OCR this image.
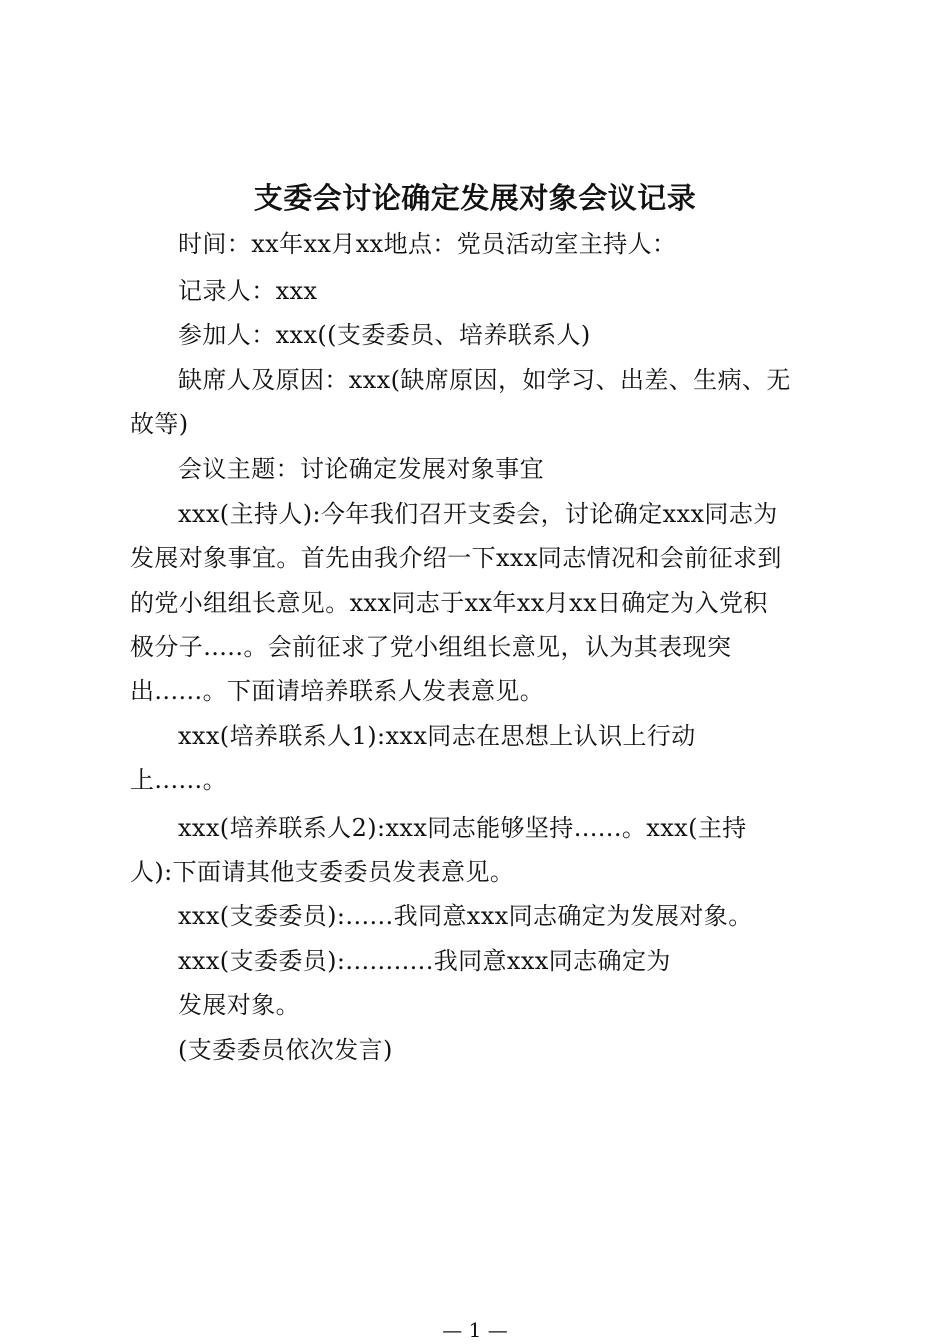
支委会讨论确定发展对象会议记录
时间：xx年xx月xx地点：党员活动室主持人：
记录人：xxx
参加人：xxx((支委委员、培养联系人)
缺席人及原因：xxx(缺席原因，如学习、出差、生病、无
故等)
会议主题：讨论确定发展对象事宜
xxx(主持人):今年我们召开支委会，讨论确定xxx同志为
发展对象事宜。首先由我介绍一下xxx同志情况和会前征求到
的党小组组长意见。xxx同志于xx年xx月xx日确定为入党积
极分子.....。会前征求了党小组组长意见，认为其表现突
出......。下面请培养联系人发表意见。
xxx(培养联系人1):xxx同志在思想上认识上行动
上......。
xxx(培养联系人2):xxx同志能够坚持......。xxx(主持
人):下面请其他支委委员发表意见。
xxx(支委委员):......我同意xxx同志确定为发展对象。
xxx(支委委员):...........我同意xxx同志确定为
发展对象。
(支委委员依次发言)
— 1 —
